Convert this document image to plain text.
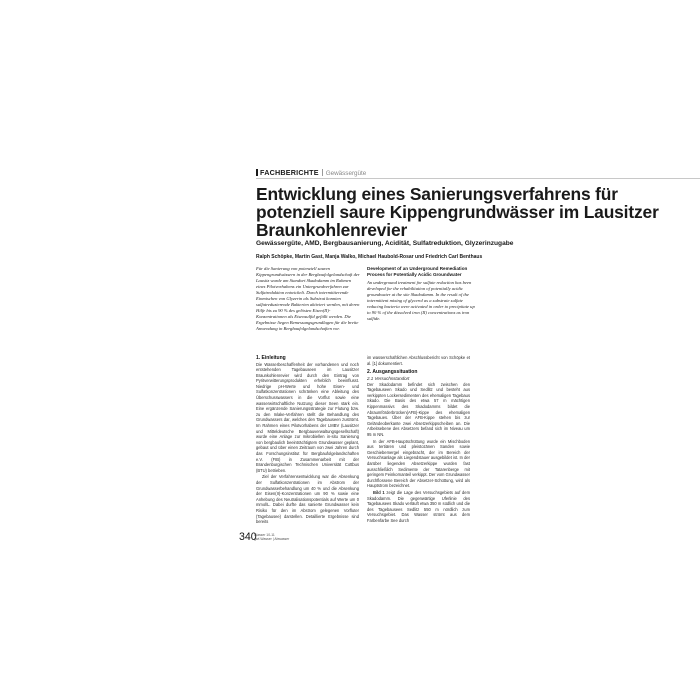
FACHBERICHTE Gewässergüte
Entwicklung eines Sanierungsverfahrens für potenziell saure Kippengrundwässer im Lausitzer Braunkohlenrevier
Gewässergüte, AMD, Bergbausanierung, Acidität, Sulfatreduktion, Glyzerinzugabe
Ralph Schöpke, Martin Gast, Manja Walko, Michael Haubold-Rosar und Friedrich Carl Benthaus
Für die Sanierung von potenziell sauren Kippengrundwässern in der Bergbaufolgelandschaft der Lausitz wurde am Standort Skadodamm im Rahmen eines Pilotvorhabens ein Untergrundverfahren zur Sulfatreduktion entwickelt. Durch intermittierende Einmischen von Glyzerin als Substrat konnten sulfatreduzierende Bakterien aktiviert werden, mit deren Hilfe bis zu 90 % des gelösten Eisen(II)-Konzentrationen als Eisensulfid gefällt werden. Die Ergebnisse liegen Bemessungsgrundlagen für die breite Anwendung in Bergbaufolgelandschaften vor.
Development of an Underground Remediation Process for Potentially Acidic Groundwater
An underground treatment for sulfate reduction has been developed for the rehabilitation of potentially acidic groundwater at the site Skadodamm. In the result of the intermittent mixing of glycerol as a substrate sulfate reducing bacteria were activated in order to precipitate up to 90 % of the dissolved iron (II) concentrations as iron sulfide.

1. Einleitung

Die Wasserbeschaffenheit der vorhandenen und noch entstehenden Tagebauseen im Lausitzer Braunkohlenrevier wird durch den Eintrag von Pyritverwitterungsprodukten erheblich beeinflusst. Niedrige pH-Werte und hohe Eisen- und Sulfatkonzentrationen schränken eine Ableitung des Überschusswassers in die Vorflut sowie eine wasserwirtschaftliche Nutzung dieser Seen stark ein. Eine ergänzende Sanierungsstrategie zur Flutung bzw. zu den Inlake-Verfahren stellt die Behandlung des Grundwassers dar, welches den Tagebauseen zuströmt. Im Rahmen eines Pilotvorhabens der LMBV (Lausitzer und Mitteldeutsche Bergbauverwaltungsgesellschaft) wurde eine Anlage zur mikrobiellen in-situ Sanierung von bergbaulich beeinträchtigtem Grundwasser geplant, gebaut und über einen Zeitraum von zwei Jahren durch das Forschungsinstitut für Bergbaufolgelandschaften e.V. (FIB) in Zusammenarbeit mit der Brandenburgischen Technischen Universität Cottbus (BTU) betrieben.

Ziel der Verfahrensentwicklung war die Absenkung der Sulfatkonzentrationen im Abstrom der Grundwasserbehandlung um 40 % und die Absenkung der Eisen(II)-Konzentrationen um 90 % sowie eine Anhebung des Neutralisationspotentials auf Werte um 0 mmol/L. Dabei durfte das sanierte Grundwasser kein Risiko für den im Abstrom gelegenen Vorfluter (Tagebausee) darstellen. Detaillierte Ergebnisse sind bereits

im wasserschaftlichen Abschlussbericht von Schöpke et al. [1] dokumentiert.

2. Ausgangssituation

2.1 Versuchsstandort

Der Skadodamm befindet sich zwischen den Tagebauseen Skado und Sedlitz und besteht aus verkippten Lockersedimenten des ehemaligen Tagebaus Skado. Die Basis des etwa 57 m mächtigen Kippenmassivs des Skadodamms bildet die Abraumförderbrücken(AFB)-Kippe des ehemaligen Tagebaues. Über der AFB-Kippe stehen bis zur Geländeoberkante zwei Absetzerkippscheiben an. Die Arbeitsebene des Absetzers befand sich im Niveau um 95 m NN.

In der AFB-Hauptschüttung wurde ein Mischboden aus tertiären und pleistozänen Sanden sowie Geschiebemergel eingebracht, der im Bereich der Versuchsanlage als Liegendstauer ausgebildet ist. In der darüber liegenden Absetzerkippe wurden fast ausschließlich Sedimente der Tatarenberge mit geringem Feinkornanteil verkippt. Der vom Grundwasser durchflossene Bereich der Absetzer-Schüttung, wird als Hauptstrom bezeichnet.

Bild 1 zeigt die Lage des Versuchsgebiets auf dem Skadodamm. Die gegenwärtige Uferlinie des Tagebausees Skado verläuft etwa 350 m südlich und die des Tagebausees Sedlitz 550 m nördlich zum Versuchsgebiet. Das Wasser strömt aus dem Farbenfarbe See durch

340
Wasser 10-11
gwf-Wasser | Abwasser
